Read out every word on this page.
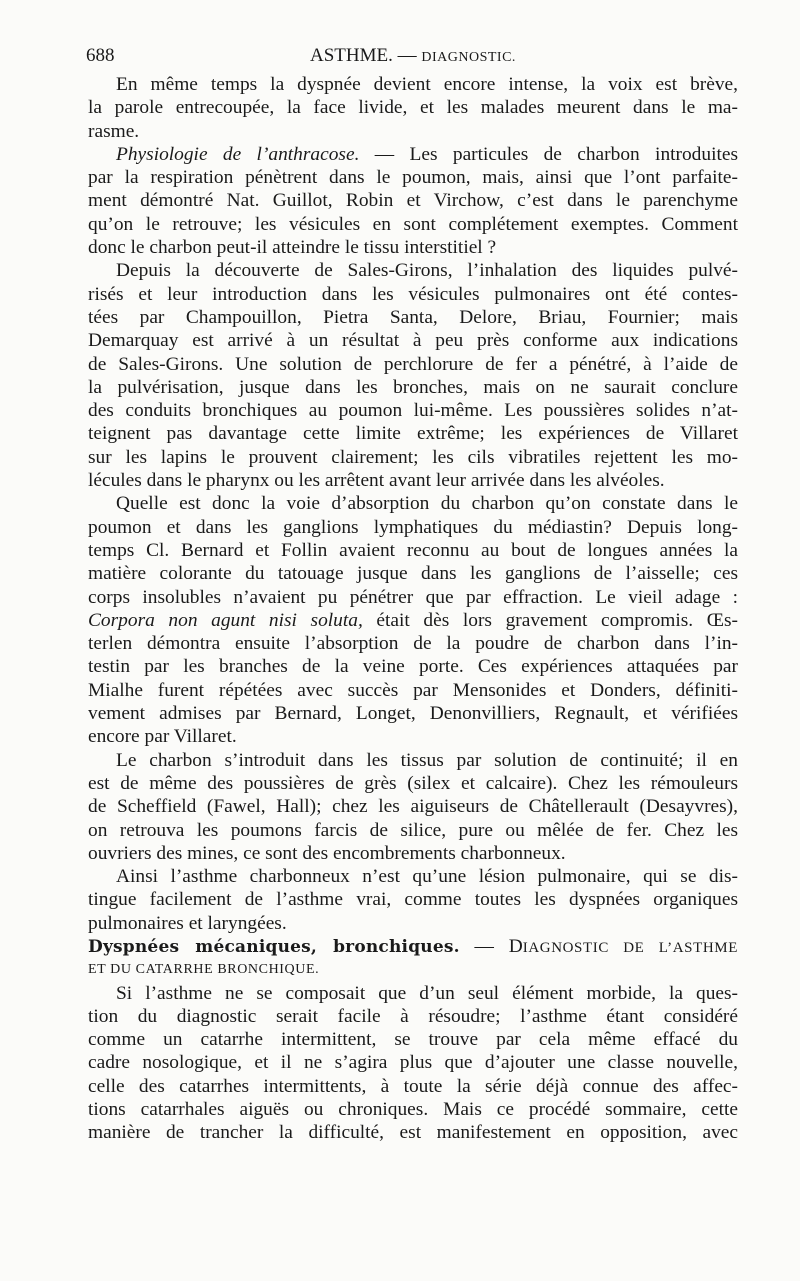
688	ASTHME. — DIAGNOSTIC.
En même temps la dyspnée devient encore intense, la voix est brève,
la parole entrecoupée, la face livide, et les malades meurent dans le ma-
rasme.
Physiologie de l’anthracose. — Les particules de charbon introduites
par la respiration pénètrent dans le poumon, mais, ainsi que l’ont parfaite-
ment démontré Nat. Guillot, Robin et Virchow, c’est dans le parenchyme
qu’on le retrouve; les vésicules en sont complétement exemptes. Comment
donc le charbon peut-il atteindre le tissu interstitiel ?
Depuis la découverte de Sales-Girons, l’inhalation des liquides pulvé-
risés et leur introduction dans les vésicules pulmonaires ont été contes-
tées par Champouillon, Pietra Santa, Delore, Briau, Fournier; mais
Demarquay est arrivé à un résultat à peu près conforme aux indications
de Sales-Girons. Une solution de perchlorure de fer a pénétré, à l’aide de
la pulvérisation, jusque dans les bronches, mais on ne saurait conclure
des conduits bronchiques au poumon lui-même. Les poussières solides n’at-
teignent pas davantage cette limite extrême; les expériences de Villaret
sur les lapins le prouvent clairement; les cils vibratiles rejettent les mo-
lécules dans le pharynx ou les arrêtent avant leur arrivée dans les alvéoles.
Quelle est donc la voie d’absorption du charbon qu’on constate dans le
poumon et dans les ganglions lymphatiques du médiastin? Depuis long-
temps Cl. Bernard et Follin avaient reconnu au bout de longues années la
matière colorante du tatouage jusque dans les ganglions de l’aisselle; ces
corps insolubles n’avaient pu pénétrer que par effraction. Le vieil adage :
Corpora non agunt nisi soluta, était dès lors gravement compromis. Œs-
terlen démontra ensuite l’absorption de la poudre de charbon dans l’in-
testin par les branches de la veine porte. Ces expériences attaquées par
Mialhe furent répétées avec succès par Mensonides et Donders, définiti-
vement admises par Bernard, Longet, Denonvilliers, Regnault, et vérifiées
encore par Villaret.
Le charbon s’introduit dans les tissus par solution de continuité; il en
est de même des poussières de grès (silex et calcaire). Chez les rémouleurs
de Scheffield (Fawel, Hall); chez les aiguiseurs de Châtellerault (Desayvres),
on retrouva les poumons farcis de silice, pure ou mêlée de fer. Chez les
ouvriers des mines, ce sont des encombrements charbonneux.
Ainsi l’asthme charbonneux n’est qu’une lésion pulmonaire, qui se dis-
tingue facilement de l’asthme vrai, comme toutes les dyspnées organiques
pulmonaires et laryngées.
Dyspnées mécaniques, bronchiques. — DIAGNOSTIC DE L’ASTHME
ET DU CATARRHE BRONCHIQUE.
Si l’asthme ne se composait que d’un seul élément morbide, la ques-
tion du diagnostic serait facile à résoudre; l’asthme étant considéré
comme un catarrhe intermittent, se trouve par cela même effacé du
cadre nosologique, et il ne s’agira plus que d’ajouter une classe nouvelle,
celle des catarrhes intermittents, à toute la série déjà connue des affec-
tions catarrhales aiguës ou chroniques. Mais ce procédé sommaire, cette
manière de trancher la difficulté, est manifestement en opposition, avec
